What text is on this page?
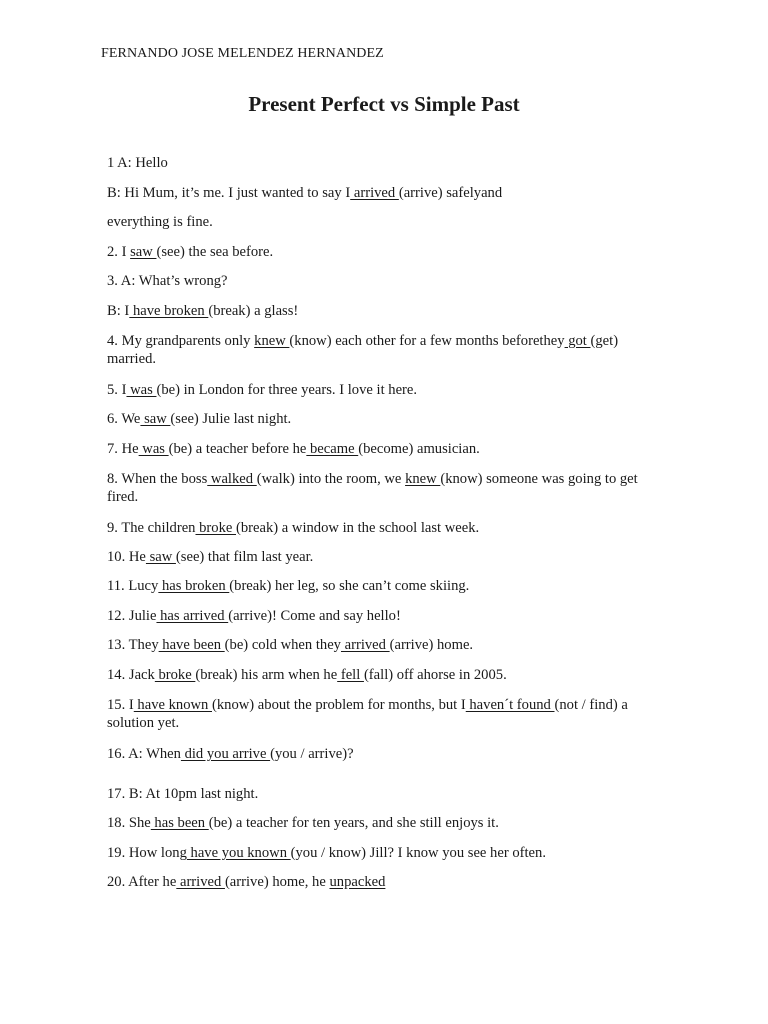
FERNANDO JOSE MELENDEZ HERNANDEZ
Present Perfect vs Simple Past

1 A: Hello

B: Hi Mum, it’s me. I just wanted to say I arrived (arrive) safelyand

everything is fine.

2. I saw (see) the sea before.

3. A: What’s wrong?

B: I have broken (break) a glass!

4. My grandparents only knew (know) each other for a few months beforethey got (get) married.

5. I was (be) in London for three years. I love it here.

6. We saw (see) Julie last night.

7. He was (be) a teacher before he became (become) amusician.

8. When the boss walked (walk) into the room, we knew (know) someone was going to get fired.

9. The children broke (break) a window in the school last week.

10. He saw (see) that film last year.

11. Lucy has broken (break) her leg, so she can’t come skiing.

12. Julie has arrived (arrive)! Come and say hello!

13. They have been (be) cold when they arrived (arrive) home.

14. Jack broke (break) his arm when he fell (fall) off ahorse in 2005.

15. I have known (know) about the problem for months, but I haven´t found (not / find) a solution yet.

16. A: When did you arrive (you / arrive)?

17. B: At 10pm last night.

18. She has been (be) a teacher for ten years, and she still enjoys it.

19. How long have you known (you / know) Jill? I know you see her often.

20. After he arrived (arrive) home, he unpacked
